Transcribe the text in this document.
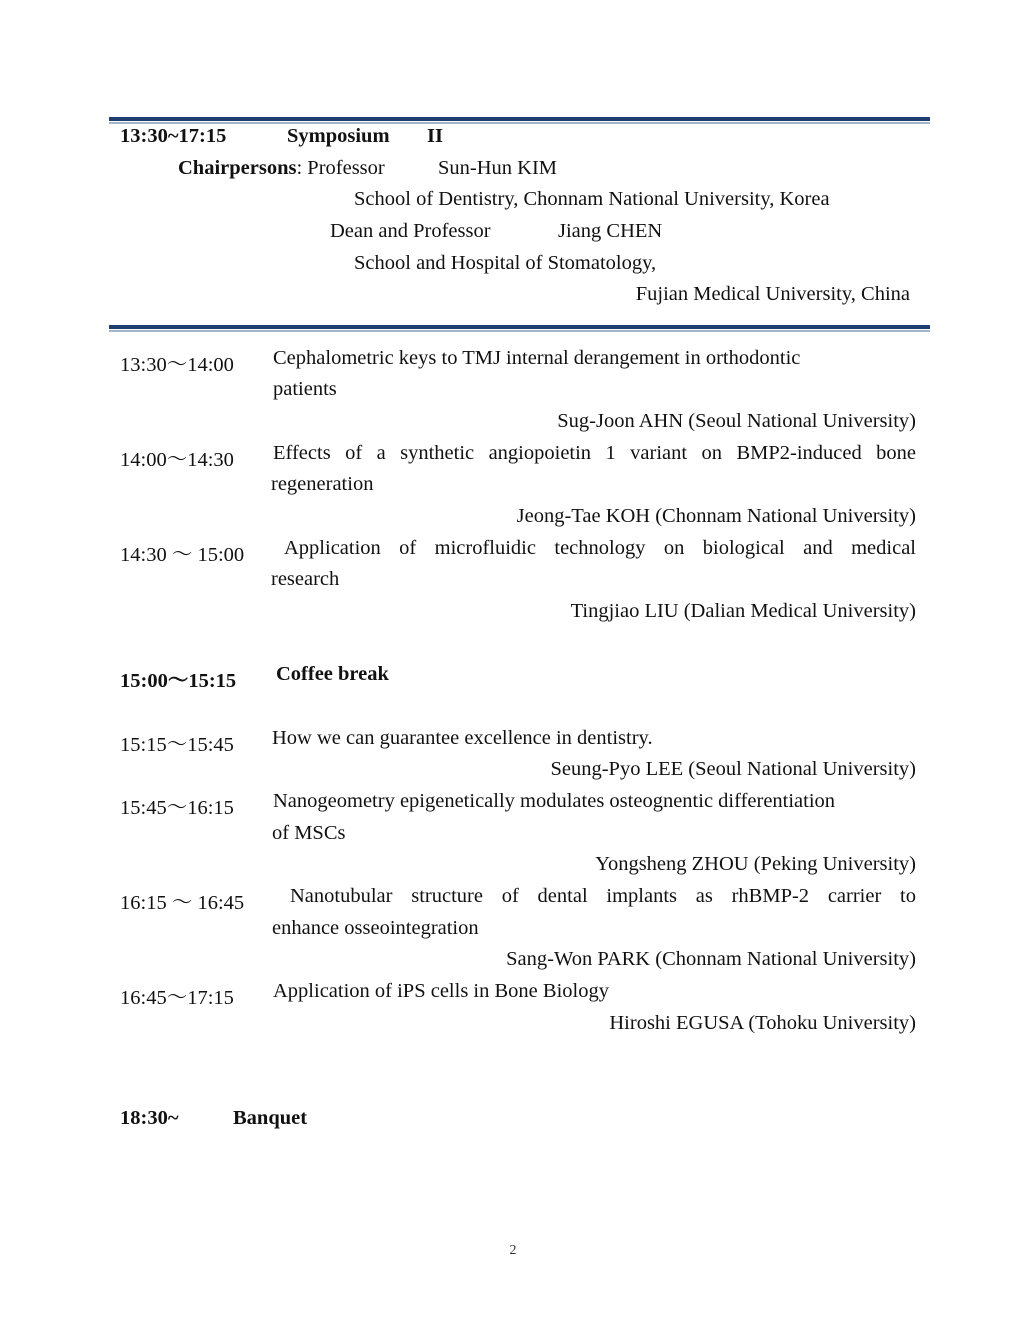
13:30~17:15	Symposium II
Chairpersons: Professor	Sun-Hun KIM
School of Dentistry, Chonnam National University, Korea
Dean and Professor	Jiang CHEN
School and Hospital of Stomatology,
Fujian Medical University, China
13:30～14:00 Cephalometric keys to TMJ internal derangement in orthodontic
patients
Sug-Joon AHN (Seoul National University)
14:00～14:30 Effects of a synthetic angiopoietin 1 variant on BMP2-induced bone
regeneration
Jeong-Tae KOH (Chonnam National University)
14:30 ～ 15:00 Application of microfluidic technology on biological and medical
research
Tingjiao LIU (Dalian Medical University)
15:00～15:15 Coffee break
15:15～15:45 How we can guarantee excellence in dentistry.
Seung-Pyo LEE (Seoul National University)
15:45～16:15 Nanogeometry epigenetically modulates osteognentic differentiation
of MSCs
Yongsheng ZHOU (Peking University)
16:15 ～ 16:45 Nanotubular structure of dental implants as rhBMP-2 carrier to
enhance osseointegration
Sang-Won PARK (Chonnam National University)
16:45～17:15 Application of iPS cells in Bone Biology
Hiroshi EGUSA (Tohoku University)
18:30~	Banquet
2
